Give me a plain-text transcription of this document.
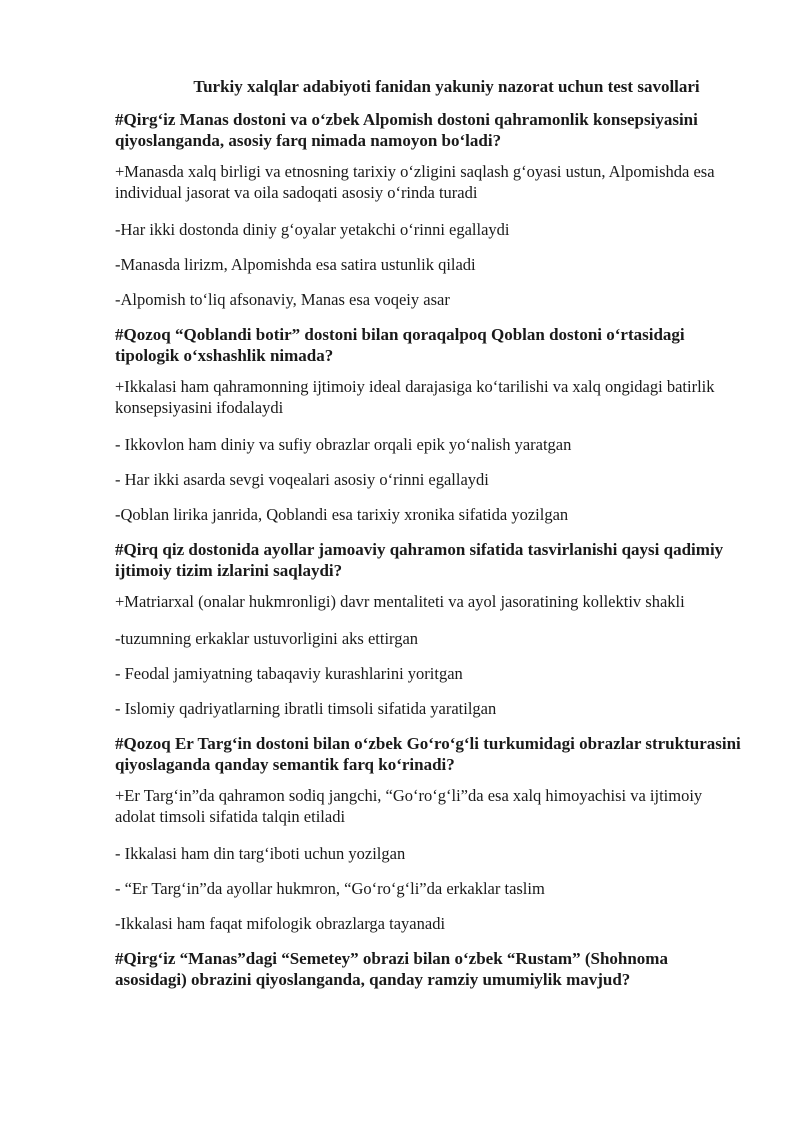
Turkiy xalqlar adabiyoti fanidan yakuniy nazorat uchun test savollari
#Qirg‘iz Manas dostoni va o‘zbek Alpomish dostoni qahramonlik konsepsiyasini qiyoslanganda, asosiy farq nimada namoyon bo‘ladi?
+Manasda xalq birligi va etnosning tarixiy o‘zligini saqlash g‘oyasi ustun, Alpomishda esa individual jasorat va oila sadoqati asosiy o‘rinda turadi
-Har ikki dostonda diniy g‘oyalar yetakchi o‘rinni egallaydi
-Manasda lirizm, Alpomishda esa satira ustunlik qiladi
-Alpomish to‘liq afsonaviy, Manas esa voqeiy asar
#Qozoq “Qoblandi botir” dostoni bilan qoraqalpoq Qoblan dostoni o‘rtasidagi tipologik o‘xshashlik nimada?
+Ikkalasi ham qahramonning ijtimoiy ideal darajasiga ko‘tarilishi va xalq ongidagi batirlik konsepsiyasini ifodalaydi
- Ikkovlon ham diniy va sufiy obrazlar orqali epik yo‘nalish yaratgan
- Har ikki asarda sevgi voqealari asosiy o‘rinni egallaydi
-Qoblan lirika janrida, Qoblandi esa tarixiy xronika sifatida yozilgan
#Qirq qiz dostonida ayollar jamoaviy qahramon sifatida tasvirlanishi qaysi qadimiy ijtimoiy tizim izlarini saqlaydi?
+Matriarxal (onalar hukmronligi) davr mentaliteti va ayol jasoratining kollektiv shakli
-tuzumning erkaklar ustuvorligini aks ettirgan
- Feodal jamiyatning tabaqaviy kurashlarini yoritgan
- Islomiy qadriyatlarning ibratli timsoli sifatida yaratilgan
#Qozoq Er Targ‘in dostoni bilan o‘zbek Go‘ro‘g‘li turkumidagi obrazlar strukturasini qiyoslaganda qanday semantik farq ko‘rinadi?
+Er Targ‘in”da qahramon sodiq jangchi, “Go‘ro‘g‘li”da esa xalq himoyachisi va ijtimoiy adolat timsoli sifatida talqin etiladi
- Ikkalasi ham din targ‘iboti uchun yozilgan
- “Er Targ‘in”da ayollar hukmron, “Go‘ro‘g‘li”da erkaklar taslim
-Ikkalasi ham faqat mifologik obrazlarga tayanadi
#Qirg‘iz “Manas”dagi “Semetey” obrazi bilan o‘zbek “Rustam” (Shohnoma asosidagi) obrazini qiyoslanganda, qanday ramziy umumiylik mavjud?
